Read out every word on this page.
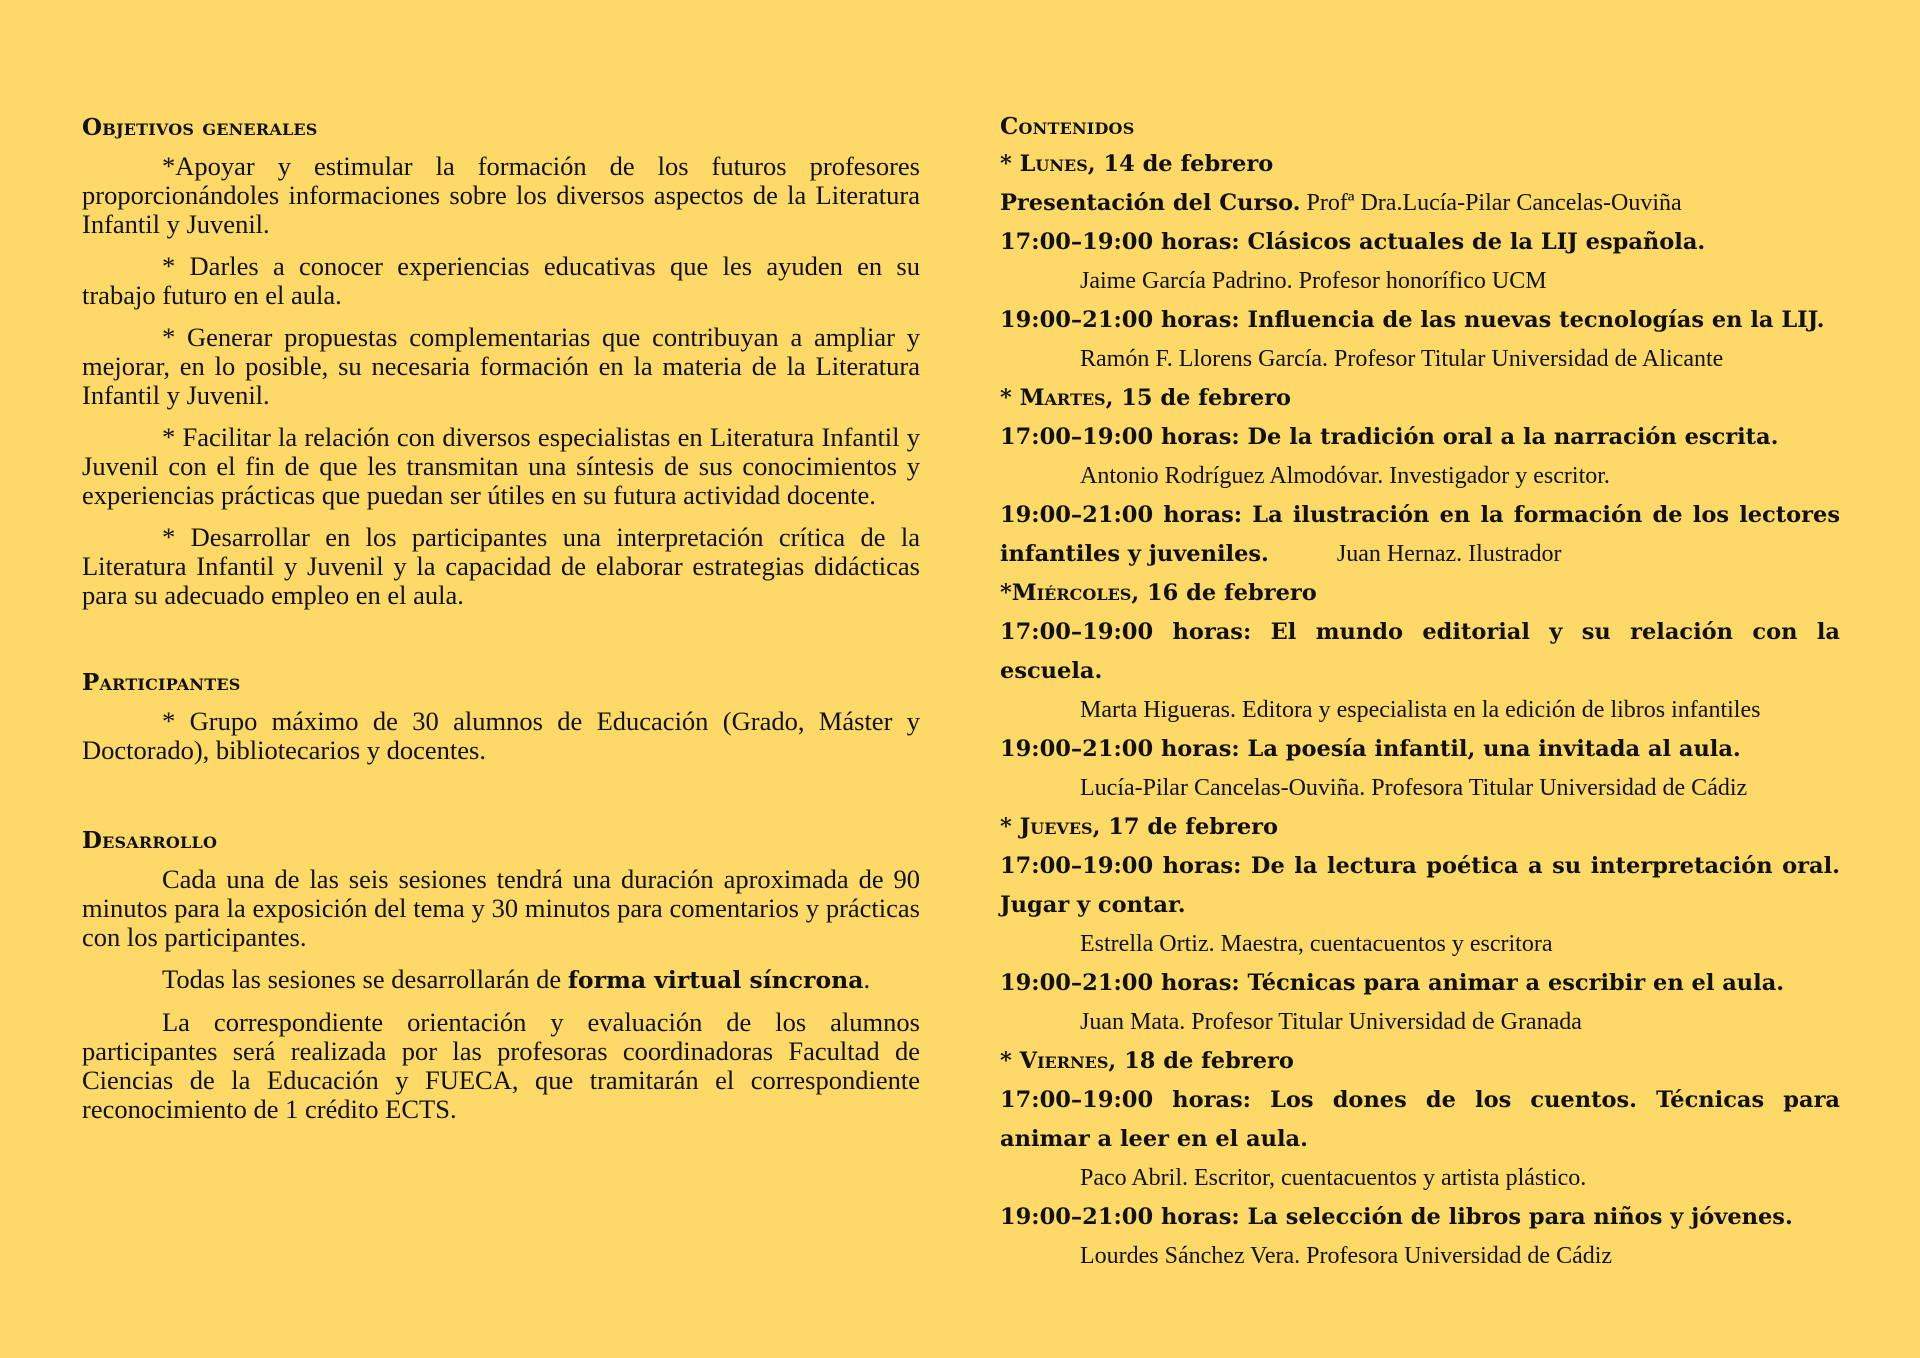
Objetivos generales

*Apoyar y estimular la formación de los futuros profesores proporcionándoles informaciones sobre los diversos aspectos de la Literatura Infantil y Juvenil.

* Darles a conocer experiencias educativas que les ayuden en su trabajo futuro en el aula.

* Generar propuestas complementarias que contribuyan a ampliar y mejorar, en lo posible, su necesaria formación en la materia de la Literatura Infantil y Juvenil.

* Facilitar la relación con diversos especialistas en Literatura Infantil y Juvenil con el fin de que les transmitan una síntesis de sus conocimientos y experiencias prácticas que puedan ser útiles en su futura actividad docente.

* Desarrollar en los participantes una interpretación crítica de la Literatura Infantil y Juvenil y la capacidad de elaborar estrategias didácticas para su adecuado empleo en el aula.

Participantes

* Grupo máximo de 30 alumnos de Educación (Grado, Máster y Doctorado), bibliotecarios y docentes.

Desarrollo

Cada una de las seis sesiones tendrá una duración aproximada de 90 minutos para la exposición del tema y 30 minutos para comentarios y prácticas con los participantes.

Todas las sesiones se desarrollarán de forma virtual síncrona.

La correspondiente orientación y evaluación de los alumnos participantes será realizada por las profesoras coordinadoras Facultad de Ciencias de la Educación y FUECA, que tramitarán el correspondiente reconocimiento de 1 crédito ECTS.

Contenidos
* Lunes, 14 de febrero
Presentación del Curso. Profª Dra.Lucía-Pilar Cancelas-Ouviña
17:00–19:00 horas: Clásicos actuales de la LIJ española.
Jaime García Padrino. Profesor honorífico UCM
19:00–21:00 horas: Influencia de las nuevas tecnologías en la LIJ.
Ramón F. Llorens García. Profesor Titular Universidad de Alicante
* Martes, 15 de febrero
17:00–19:00 horas: De la tradición oral a la narración escrita.
Antonio Rodríguez Almodóvar. Investigador y escritor.
19:00–21:00 horas: La ilustración en la formación de los lectores infantiles y juveniles.	Juan Hernaz. Ilustrador
*Miércoles, 16 de febrero
17:00–19:00 horas: El mundo editorial y su relación con la escuela.
Marta Higueras. Editora y especialista en la edición de libros infantiles
19:00–21:00 horas: La poesía infantil, una invitada al aula.
Lucía-Pilar Cancelas-Ouviña. Profesora Titular Universidad de Cádiz
* Jueves, 17 de febrero
17:00–19:00 horas: De la lectura poética a su interpretación oral. Jugar y contar.
Estrella Ortiz. Maestra, cuentacuentos y escritora
19:00–21:00 horas: Técnicas para animar a escribir en el aula.
Juan Mata. Profesor Titular Universidad de Granada
* Viernes, 18 de febrero
17:00–19:00 horas: Los dones de los cuentos. Técnicas para animar a leer en el aula.
Paco Abril. Escritor, cuentacuentos y artista plástico.
19:00–21:00 horas: La selección de libros para niños y jóvenes.
Lourdes Sánchez Vera. Profesora Universidad de Cádiz
